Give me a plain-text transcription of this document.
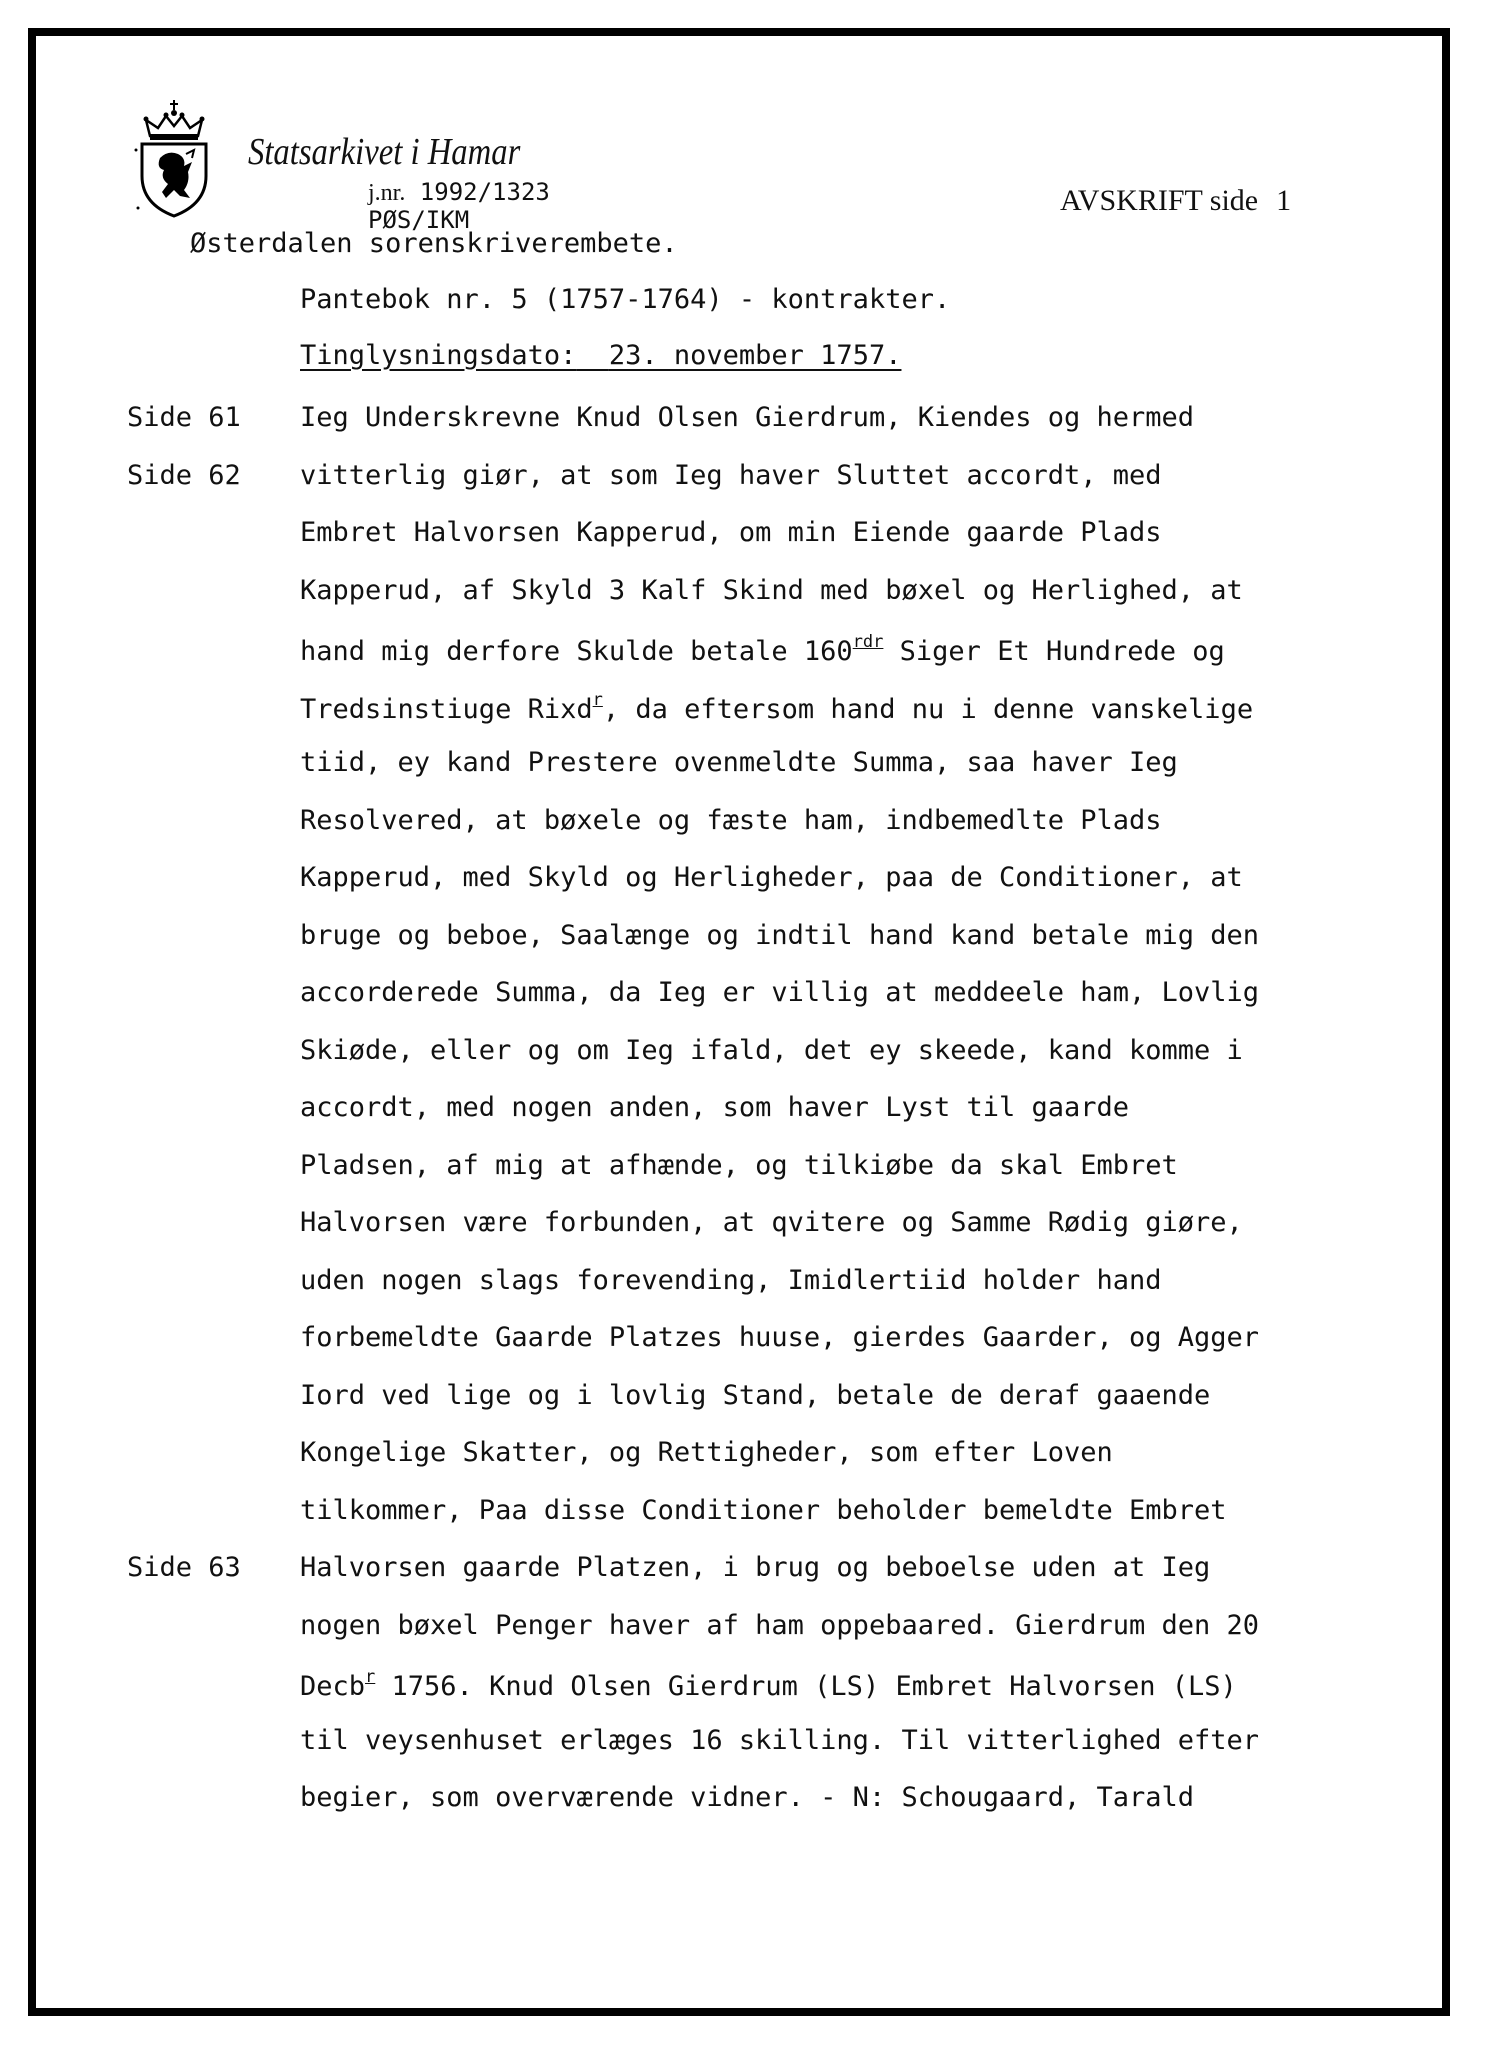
Statsarkivet i Hamar
j.nr. 1992/1323
PØS/IKM
AVSKRIFT side 1
Østerdalen sorenskriverembete.
Pantebok nr. 5 (1757-1764) - kontrakter.
Tinglysningsdato: 23. november 1757.
Side 61
Side 62
Side 63
Ieg Underskrevne Knud Olsen Gierdrum, Kiendes og hermed
vitterlig giør, at som Ieg haver Sluttet accordt, med
Embret Halvorsen Kapperud, om min Eiende gaarde Plads
Kapperud, af Skyld 3 Kalf Skind med bøxel og Herlighed, at
hand mig derfore Skulde betale $160^{rdr}$ Siger Et Hundrede og
Tredsinstiuge Rixd$^r$, da eftersom hand nu i denne vanskelige
tiid, ey kand Prestere ovenmeldte Summa, saa haver Ieg
Resolvered, at bøxele og fæste ham, indbemedlte Plads
Kapperud, med Skyld og Herligheder, paa de Conditioner, at
bruge og beboe, Saalænge og indtil hand kand betale mig den
accorderede Summa, da Ieg er villig at meddeele ham, Lovlig
Skiøde, eller og om Ieg ifald, det ey skeede, kand komme i
accordt, med nogen anden, som haver Lyst til gaarde
Pladsen, af mig at afhænde, og tilkiøbe da skal Embret
Halvorsen være forbunden, at qvitere og Samme Rødig giøre,
uden nogen slags forevending, Imidlertiid holder hand
forbemeldte Gaarde Platzes huuse, gierdes Gaarder, og Agger
Iord ved lige og i lovlig Stand, betale de deraf gaaende
Kongelige Skatter, og Rettigheder, som efter Loven
tilkommer, Paa disse Conditioner beholder bemeldte Embret
Halvorsen gaarde Platzen, i brug og beboelse uden at Ieg
nogen bøxel Penger haver af ham oppebaared. Gierdrum den 20
Decb$^r$ 1756. Knud Olsen Gierdrum (LS) Embret Halvorsen (LS)
til veysenhuset erlæges 16 skilling. Til vitterlighed efter
begier, som overværende vidner. - N: Schougaard, Tarald
